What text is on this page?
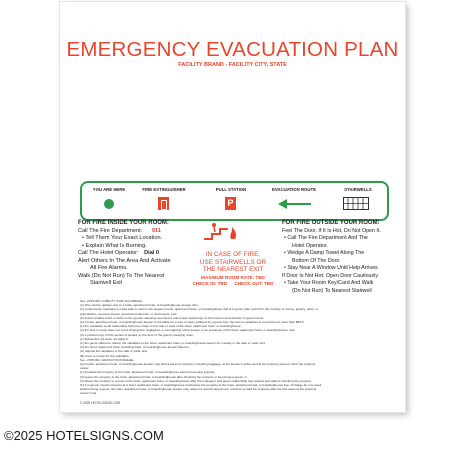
EMERGENCY EVACUATION PLAN
FACILITY BRAND - FACILITY CITY, STATE
YOU ARE HERE	FIRE EXTINGUISHER	PULL STATION
P
EVACUATION ROUTE	STAIRWELLS
FOR FIRE INSIDE YOUR ROOM:
Call The Fire Department: 911
• Tell Them Your Exact Location.
• Explain What Is Burning.
Call The Hotel Operator: Dial 0
Alert Others In The Area And Activate
All Fire Alarms.
Walk (Do Not Run) To The Nearest
Stairwell Exit
IN CASE OF FIRE,
USE STAIRWELLS OR
THE NEAREST EXIT
MAXIMUM ROOM RATE: TBD
CHECK IN: TBD CHECK OUT: TBD
FOR FIRE OUTSIDE YOUR ROOM:
Feel The Door. If It Is Hot, Do Not Open It.
• Call The Fire Department And The
Hotel Operator.
• Wedge A Damp Towel Along The
Bottom Of The Door.
• Stay Near A Window Until Help Arrives
If Door Is Not Hot: Open Door Cautiously
• Take Your Room Key/Card And Walk
(Do Not Run) To Nearest Stairwell
Sec. 2155.063. LIABILITY FOR VALUABLES.
(a) This section applies only to a hotel, apartment hotel, or boardinghouse keeper who:
(1) continuously maintains a metal safe or vault in the keeper's hotel, apartment hotel, or boardinghouse that is in good order and fit for the custody of money, jewelry, silver or
gold articles, precious stones, personal ornaments, or documents; and
(2) keeps suitable locks or bolts on the guests' sleeping room doors and proper fastenings on the transom and window of guest rooms.
(b) A hotel, apartment hotel, or boardinghouse keeper is not liable for a loss or injury suffered by a guest from the loss of valuables in an amount of more than $50 if:
(1) the valuables could reasonably have been kept in the safe or vault of the hotel, apartment hotel, or boardinghouse;
(2) the loss or injury does not occur through the negligence or wrongdoing of the keeper or an employee of the hotel, apartment hotel, or boardinghouse; and
(3) a printed copy of this section is posted on the door of the guest's sleeping room.
(c) Subsection (b) does not apply if:
(1) the guest offered to deliver the valuables to the hotel, apartment hotel, or boardinghouse keeper for custody in the safe or vault; and
(2) the hotel, apartment hotel, boarding hotel, or boardinghouse keeper failed to:
(A) deposit the valuables in the safe or vault; and
(B) issue a receipt for the valuables.
Sec. 2155.062. GRATUITOUS BAILEE.
(a) A hotel, apartment hotel, or boardinghouse keeper may hold a person's property, including baggage, at the keeper's option and at the property owner's risk if the property
owner:
(1) forwards the property to the hotel, apartment hotel, or boardinghouse before becoming a guest;
(2) leaves the property in the hotel, apartment hotel, or boardinghouse after checking the property or becoming a guest; or
(3) allows the property to remain in the hotel, apartment hotel, or boardinghouse after the innkeeper and guest relationship has ceased and without checking the property.
(b) If a person checks property at a hotel, apartment hotel, or boardinghouse and leaves the property at the hotel, apartment hotel, or boardinghouse free of charge for one week
without being a guest, the hotel, apartment hotel, or boardinghouse keeper may, absent a special agreement, continue to hold the property after the first week at the property
owner's risk.
© 2025 HOTELSIGNS.COM
©2025 HOTELSIGNS.COM
